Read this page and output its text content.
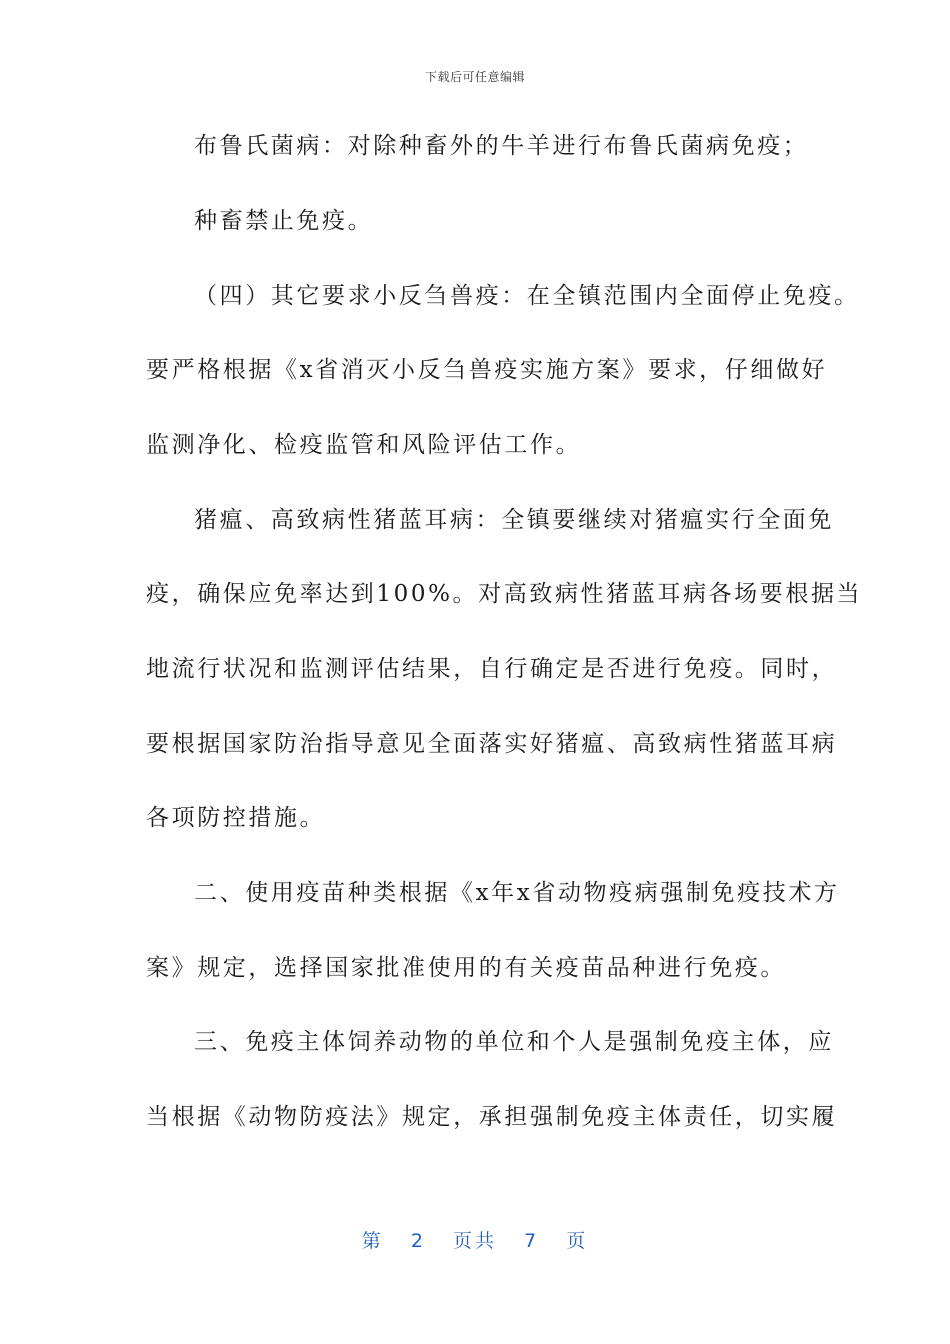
下载后可任意编辑
布鲁氏菌病：对除种畜外的牛羊进行布鲁氏菌病免疫；
种畜禁止免疫。
（四）其它要求小反刍兽疫：在全镇范围内全面停止免疫。
要严格根据《x省消灭小反刍兽疫实施方案》要求，仔细做好
监测净化、检疫监管和风险评估工作。
猪瘟、高致病性猪蓝耳病：全镇要继续对猪瘟实行全面免
疫，确保应免率达到100%。对高致病性猪蓝耳病各场要根据当
地流行状况和监测评估结果，自行确定是否进行免疫。同时，
要根据国家防治指导意见全面落实好猪瘟、高致病性猪蓝耳病
各项防控措施。
二、使用疫苗种类根据《x年x省动物疫病强制免疫技术方
案》规定，选择国家批准使用的有关疫苗品种进行免疫。
三、免疫主体饲养动物的单位和个人是强制免疫主体，应
当根据《动物防疫法》规定，承担强制免疫主体责任，切实履
第 2 页共 7 页
